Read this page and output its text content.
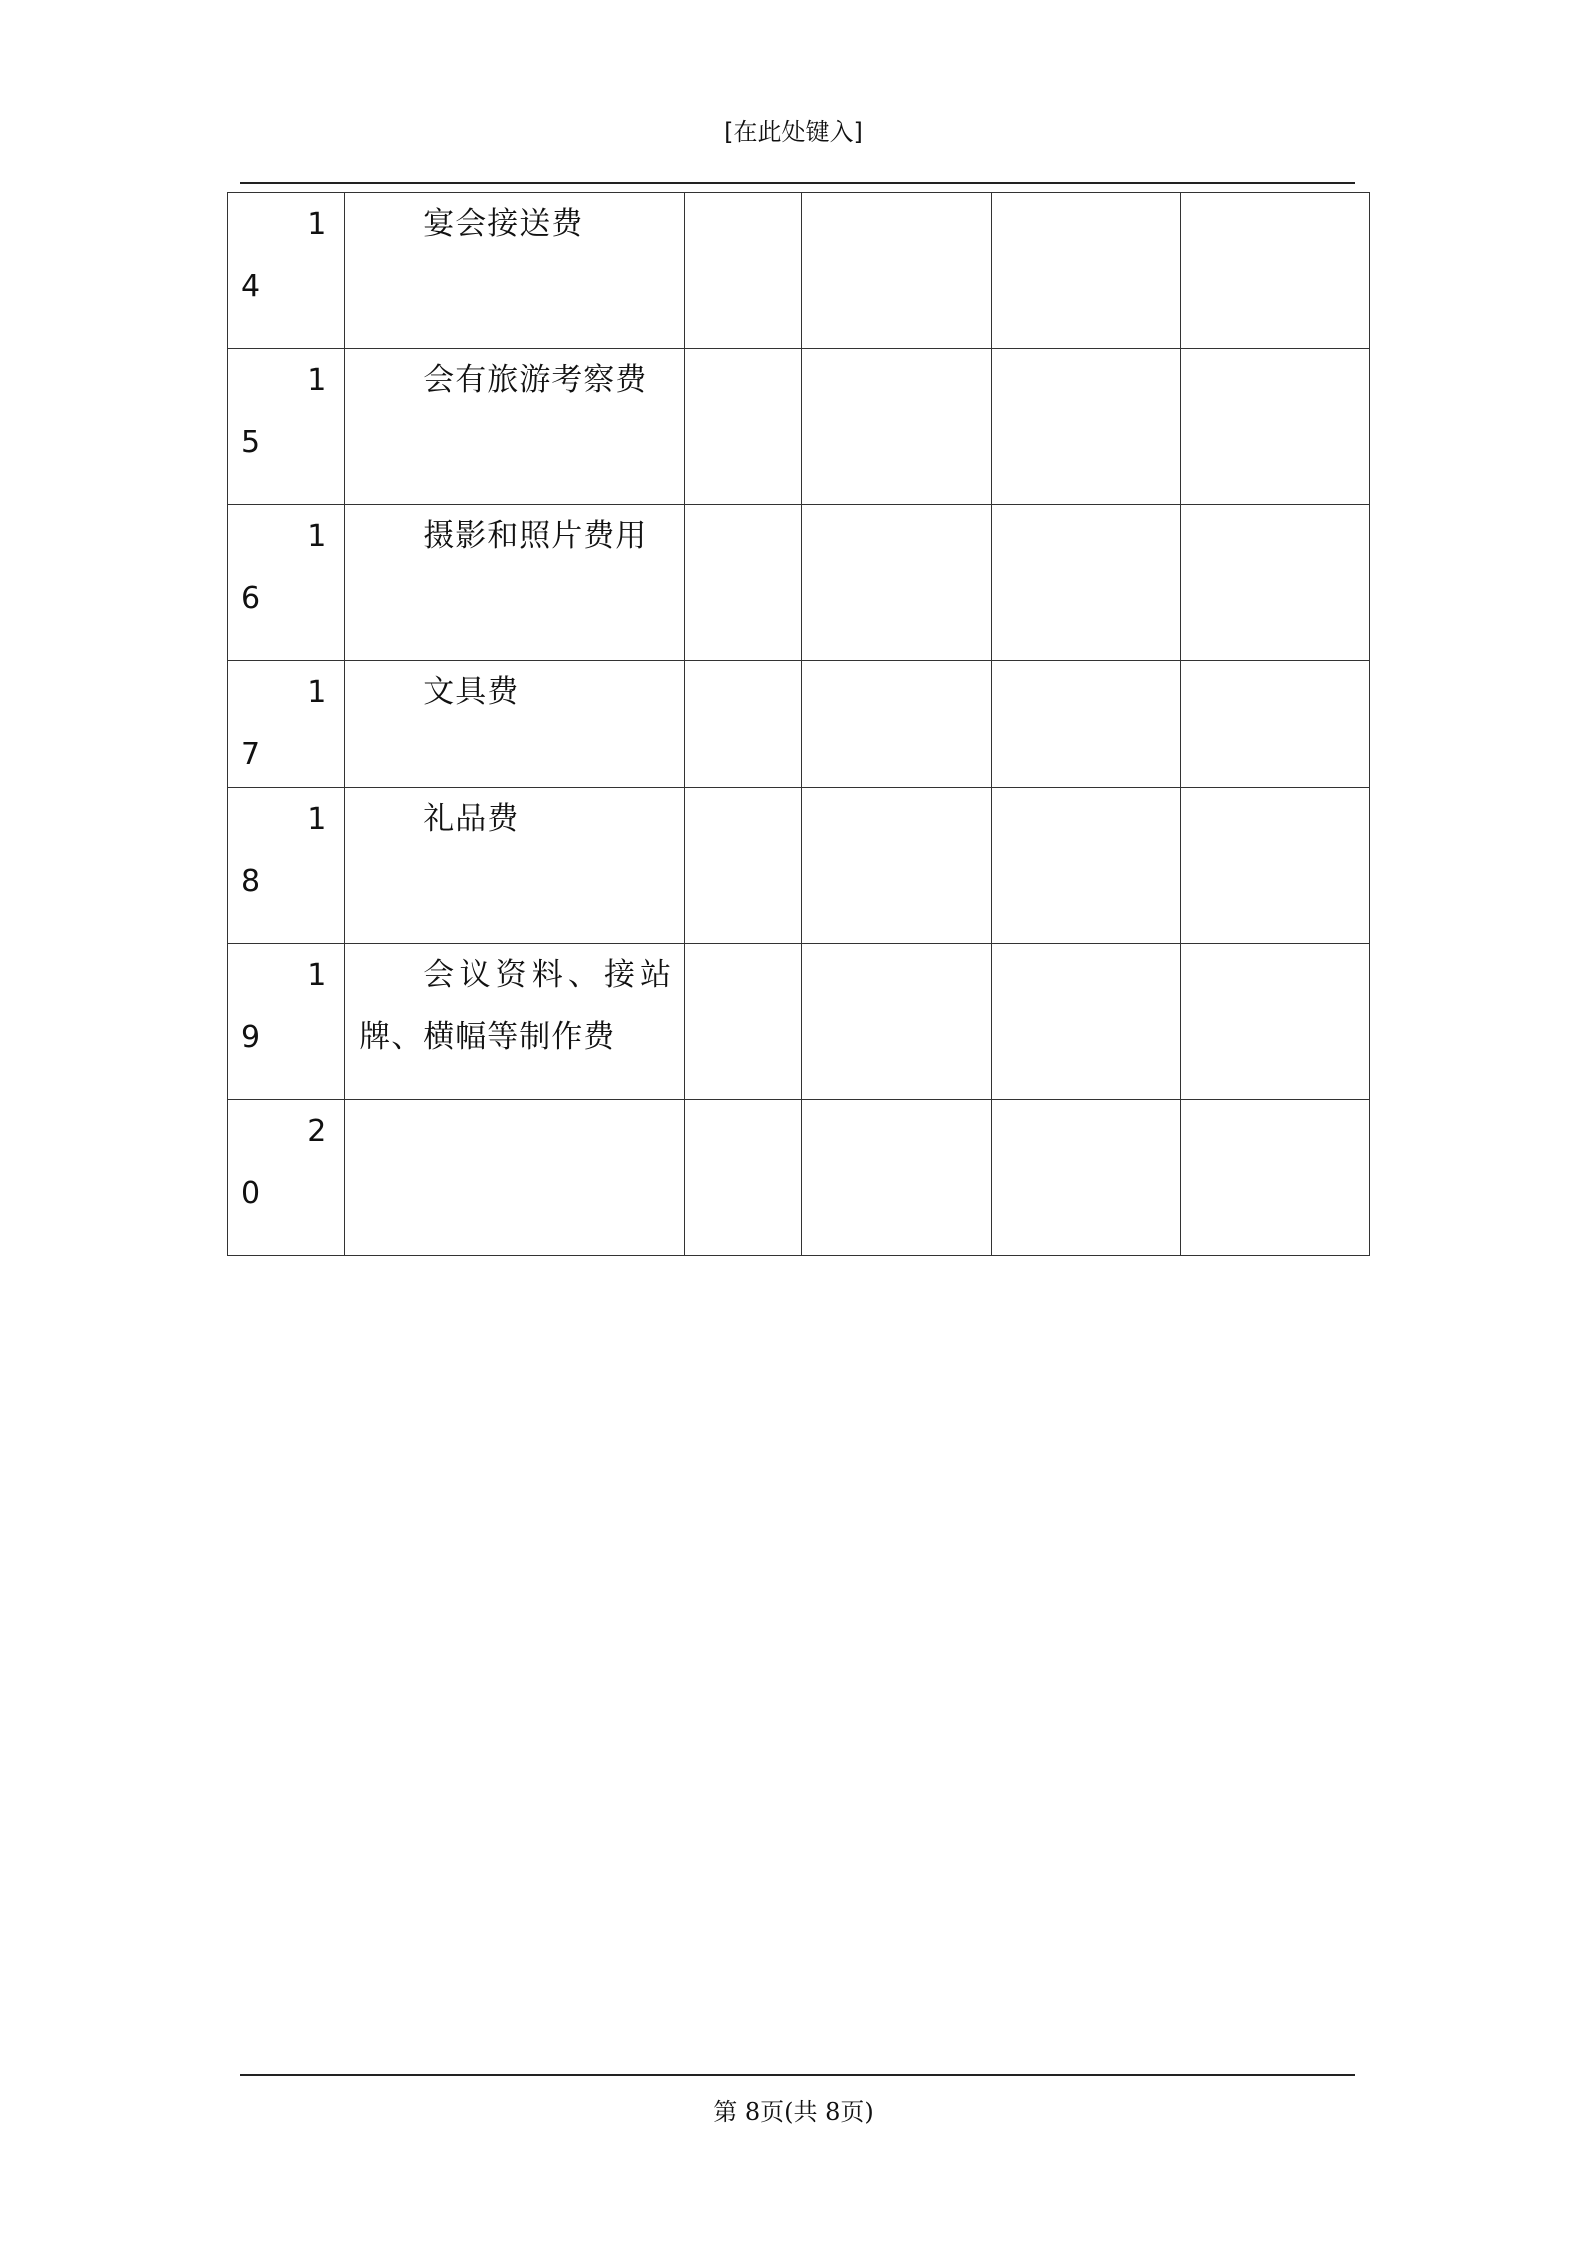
[在此处键入]
1
4	宴会接送费				

1
5	会有旅游考察费				

1
6	摄影和照片费用				

1
7	文具费				

1
8	礼品费				

1
9	会议资料、接站牌、横幅等制作费				

2
0					

第 8页(共 8页)
